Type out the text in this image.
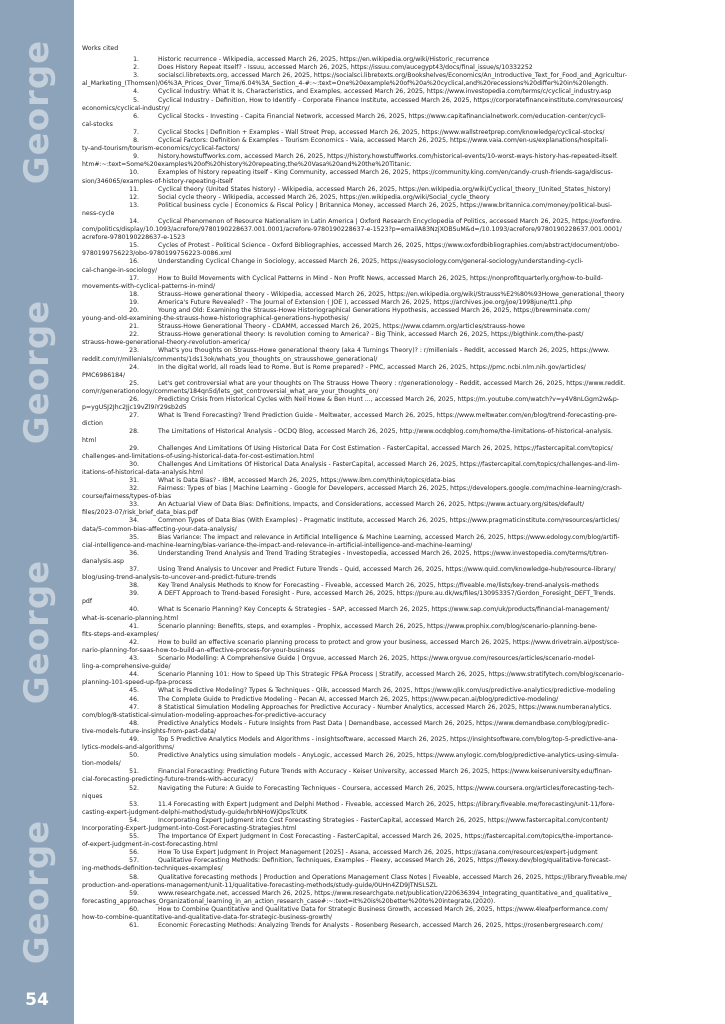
George
George
George
George
54
Works cited
1.	Historic recurrence - Wikipedia, accessed March 26, 2025, https://en.wikipedia.org/wiki/Historic_recurrence
2.	Does History Repeat Itself? - Issuu, accessed March 26, 2025, https://issuu.com/aucegypt43/docs/final_issue/s/10332252
3.	socialsci.libretexts.org, accessed March 26, 2025, https://socialsci.libretexts.org/Bookshelves/Economics/An_Introductive_Text_for_Food_and_Agricultur-
al_Marketing_(Thomsen)/06%3A_Prices_Over_Time/6.04%3A_Section_4-#:~:text=One%20example%20of%20a%20cyclical,and%20recessions%20differ%20in%20length.
4.	Cyclical Industry: What It Is, Characteristics, and Examples, accessed March 26, 2025, https://www.investopedia.com/terms/c/cyclical_industry.asp
5.	Cyclical Industry - Definition, How to Identify - Corporate Finance Institute, accessed March 26, 2025, https://corporatefinanceinstitute.com/resources/
economics/cyclical-industry/
6.	Cyclical Stocks - Investing - Capita Financial Network, accessed March 26, 2025, https://www.capitafinancialnetwork.com/education-center/cycli-
cal-stocks
7.	Cyclical Stocks | Definition + Examples - Wall Street Prep, accessed March 26, 2025, https://www.wallstreetprep.com/knowledge/cyclical-stocks/
8.	Cyclical Factors: Definition & Examples - Tourism Economics - Vaia, accessed March 26, 2025, https://www.vaia.com/en-us/explanations/hospitali-
ty-and-tourism/tourism-economics/cyclical-factors/
9.	history.howstuffworks.com, accessed March 26, 2025, https://history.howstuffworks.com/historical-events/10-worst-ways-history-has-repeated-itself.
htm#:~:text=Some%20examples%20of%20history%20repeating,the%20Vasa%20and%20the%20Titanic.
10.	Examples of history repeating itself - King Community, accessed March 26, 2025, https://community.king.com/en/candy-crush-friends-saga/discus-
sion/346065/examples-of-history-repeating-itself
11.	Cyclical theory (United States history) - Wikipedia, accessed March 26, 2025, https://en.wikipedia.org/wiki/Cyclical_theory_(United_States_history)
12.	Social cycle theory - Wikipedia, accessed March 26, 2025, https://en.wikipedia.org/wiki/Social_cycle_theory
13.	Political business cycle | Economics & Fiscal Policy | Britannica Money, accessed March 26, 2025, https://www.britannica.com/money/political-busi-
ness-cycle
14.	Cyclical Phenomenon of Resource Nationalism in Latin America | Oxford Research Encyclopedia of Politics, accessed March 26, 2025, https://oxfordre.
com/politics/display/10.1093/acrefore/9780190228637.001.0001/acrefore-9780190228637-e-1523?p=emailA83NzjXOBSuM&d=/10.1093/acrefore/9780190228637.001.0001/
acrefore-9780190228637-e-1523
15.	Cycles of Protest - Political Science - Oxford Bibliographies, accessed March 26, 2025, https://www.oxfordbibliographies.com/abstract/document/obo-
9780199756223/obo-9780199756223-0086.xml
16.	Understanding Cyclical Change in Sociology, accessed March 26, 2025, https://easysociology.com/general-sociology/understanding-cycli-
cal-change-in-sociology/
17.	How to Build Movements with Cyclical Patterns in Mind - Non Profit News, accessed March 26, 2025, https://nonprofitquarterly.org/how-to-build-
movements-with-cyclical-patterns-in-mind/
18.	Strauss–Howe generational theory - Wikipedia, accessed March 26, 2025, https://en.wikipedia.org/wiki/Strauss%E2%80%93Howe_generational_theory
19.	America's Future Revealed? - The Journal of Extension ( JOE ), accessed March 26, 2025, https://archives.joe.org/joe/1998june/tt1.php
20.	Young and Old: Examining the Strauss-Howe Historiographical Generations Hypothesis, accessed March 26, 2025, https://brewminate.com/
young-and-old-examining-the-strauss-howe-historiographical-generations-hypothesis/
21.	Strauss-Howe Generational Theory - CDAMM, accessed March 26, 2025, https://www.cdamm.org/articles/strauss-howe
22.	Strauss-Howe generational theory: Is revolution coming to America? - Big Think, accessed March 26, 2025, https://bigthink.com/the-past/
strauss-howe-generational-theory-revolution-america/
23.	What's you thoughts on Strauss-Howe generational theory (aka 4 Turnings Theory)? : r/millenials - Reddit, accessed March 26, 2025, https://www.
reddit.com/r/millenials/comments/1ds13ok/whats_you_thoughts_on_strausshowe_generational/
24.	In the digital world, all roads lead to Rome. But is Rome prepared? - PMC, accessed March 26, 2025, https://pmc.ncbi.nlm.nih.gov/articles/
PMC6986184/
25.	Let's get controversial what are your thoughts on The Strauss Howe Theory : r/generationology - Reddit, accessed March 26, 2025, https://www.reddit.
com/r/generationology/comments/184qn5d/lets_get_controversial_what_are_your_thoughts_on/
26.	Predicting Crisis from Historical Cycles with Neil Howe & Ben Hunt ..., accessed March 26, 2025, https://m.youtube.com/watch?v=y4V8nLGgm2w&p-
p=ygUSJ2Jhc2Jjc19vZl9iY29sb2d5
27.	What Is Trend Forecasting? Trend Prediction Guide - Meltwater, accessed March 26, 2025, https://www.meltwater.com/en/blog/trend-forecasting-pre-
diction
28.	The Limitations of Historical Analysis - OCDQ Blog, accessed March 26, 2025, http://www.ocdqblog.com/home/the-limitations-of-historical-analysis.
html
29.	Challenges And Limitations Of Using Historical Data For Cost Estimation - FasterCapital, accessed March 26, 2025, https://fastercapital.com/topics/
challenges-and-limitations-of-using-historical-data-for-cost-estimation.html
30.	Challenges And Limitations Of Historical Data Analysis - FasterCapital, accessed March 26, 2025, https://fastercapital.com/topics/challenges-and-lim-
itations-of-historical-data-analysis.html
31.	What is Data Bias? - IBM, accessed March 26, 2025, https://www.ibm.com/think/topics/data-bias
32.	Fairness: Types of bias | Machine Learning - Google for Developers, accessed March 26, 2025, https://developers.google.com/machine-learning/crash-
course/fairness/types-of-bias
33.	An Actuarial View of Data Bias: Definitions, Impacts, and Considerations, accessed March 26, 2025, https://www.actuary.org/sites/default/
files/2023-07/risk_brief_data_bias.pdf
34.	Common Types of Data Bias (With Examples) - Pragmatic Institute, accessed March 26, 2025, https://www.pragmaticinstitute.com/resources/articles/
data/5-common-bias-affecting-your-data-analysis/
35.	Bias Variance: The impact and relevance in Artificial Intelligence & Machine Learning, accessed March 26, 2025, https://www.edology.com/blog/artifi-
cial-intelligence-and-machine-learning/bias-variance-the-impact-and-relevance-in-artificial-intelligence-and-machine-learning/
36.	Understanding Trend Analysis and Trend Trading Strategies - Investopedia, accessed March 26, 2025, https://www.investopedia.com/terms/t/tren-
danalysis.asp
37.	Using Trend Analysis to Uncover and Predict Future Trends - Quid, accessed March 26, 2025, https://www.quid.com/knowledge-hub/resource-library/
blog/using-trend-analysis-to-uncover-and-predict-future-trends
38.	Key Trend Analysis Methods to Know for Forecasting - Fiveable, accessed March 26, 2025, https://fiveable.me/lists/key-trend-analysis-methods
39.	A DEFT Approach to Trend-based Foresight - Pure, accessed March 26, 2025, https://pure.au.dk/ws/files/130953357/Gordon_Foresight_DEFT_Trends.
pdf
40.	What Is Scenario Planning? Key Concepts & Strategies - SAP, accessed March 26, 2025, https://www.sap.com/uk/products/financial-management/
what-is-scenario-planning.html
41.	Scenario planning: Benefits, steps, and examples - Prophix, accessed March 26, 2025, https://www.prophix.com/blog/scenario-planning-bene-
fits-steps-and-examples/
42.	How to build an effective scenario planning process to protect and grow your business, accessed March 26, 2025, https://www.drivetrain.ai/post/sce-
nario-planning-for-saas-how-to-build-an-effective-process-for-your-business
43.	Scenario Modelling: A Comprehensive Guide | Orgvue, accessed March 26, 2025, https://www.orgvue.com/resources/articles/scenario-model-
ling-a-comprehensive-guide/
44.	Scenario Planning 101: How to Speed Up This Strategic FP&A Process | Stratify, accessed March 26, 2025, https://www.stratifytech.com/blog/scenario-
planning-101-speed-up-fpa-process
45.	What is Predictive Modeling? Types & Techniques - Qlik, accessed March 26, 2025, https://www.qlik.com/us/predictive-analytics/predictive-modeling
46.	The Complete Guide to Predictive Modeling - Pecan AI, accessed March 26, 2025, https://www.pecan.ai/blog/predictive-modeling/
47.	8 Statistical Simulation Modeling Approaches for Predictive Accuracy - Number Analytics, accessed March 26, 2025, https://www.numberanalytics.
com/blog/8-statistical-simulation-modeling-approaches-for-predictive-accuracy
48.	Predictive Analytics Models - Future Insights from Past Data | Demandbase, accessed March 26, 2025, https://www.demandbase.com/blog/predic-
tive-models-future-insights-from-past-data/
49.	Top 5 Predictive Analytics Models and Algorithms - insightsoftware, accessed March 26, 2025, https://insightsoftware.com/blog/top-5-predictive-ana-
lytics-models-and-algorithms/
50.	Predictive Analytics using simulation models - AnyLogic, accessed March 26, 2025, https://www.anylogic.com/blog/predictive-analytics-using-simula-
tion-models/
51.	Financial Forecasting: Predicting Future Trends with Accuracy - Keiser University, accessed March 26, 2025, https://www.keiseruniversity.edu/finan-
cial-forecasting-predicting-future-trends-with-accuracy/
52.	Navigating the Future: A Guide to Forecasting Techniques - Coursera, accessed March 26, 2025, https://www.coursera.org/articles/forecasting-tech-
niques
53.	11.4 Forecasting with Expert Judgment and Delphi Method - Fiveable, accessed March 26, 2025, https://library.fiveable.me/forecasting/unit-11/fore-
casting-expert-judgment-delphi-method/study-guide/hrbNHoWjOpsTcUtK
54.	Incorporating Expert Judgment into Cost Forecasting Strategies - FasterCapital, accessed March 26, 2025, https://www.fastercapital.com/content/
Incorporating-Expert-Judgment-into-Cost-Forecasting-Strategies.html
55.	The Importance Of Expert Judgment In Cost Forecasting - FasterCapital, accessed March 26, 2025, https://fastercapital.com/topics/the-importance-
of-expert-judgment-in-cost-forecasting.html
56.	How To Use Expert Judgment In Project Management [2025] - Asana, accessed March 26, 2025, https://asana.com/resources/expert-judgment
57.	Qualitative Forecasting Methods: Definition, Techniques, Examples - Fleexy, accessed March 26, 2025, https://fleexy.dev/blog/qualitative-forecast-
ing-methods-definition-techniques-examples/
58.	Qualitative forecasting methods | Production and Operations Management Class Notes | Fiveable, accessed March 26, 2025, https://library.fiveable.me/
production-and-operations-management/unit-11/qualitative-forecasting-methods/study-guide/0UHn4ZD9JTNSLSZL
59.	www.researchgate.net, accessed March 26, 2025, https://www.researchgate.net/publication/220636394_Integrating_quantitative_and_qualitative_
forecasting_approaches_Organizational_learning_in_an_action_research_case#:~:text=It%20is%20better%20to%20integrate,(2020).
60.	How to Combine Quantitative and Qualitative Data for Strategic Business Growth, accessed March 26, 2025, https://www.4leafperformance.com/
how-to-combine-quantitative-and-qualitative-data-for-strategic-business-growth/
61.	Economic Forecasting Methods: Analyzing Trends for Analysts - Rosenberg Research, accessed March 26, 2025, https://rosenbergresearch.com/
